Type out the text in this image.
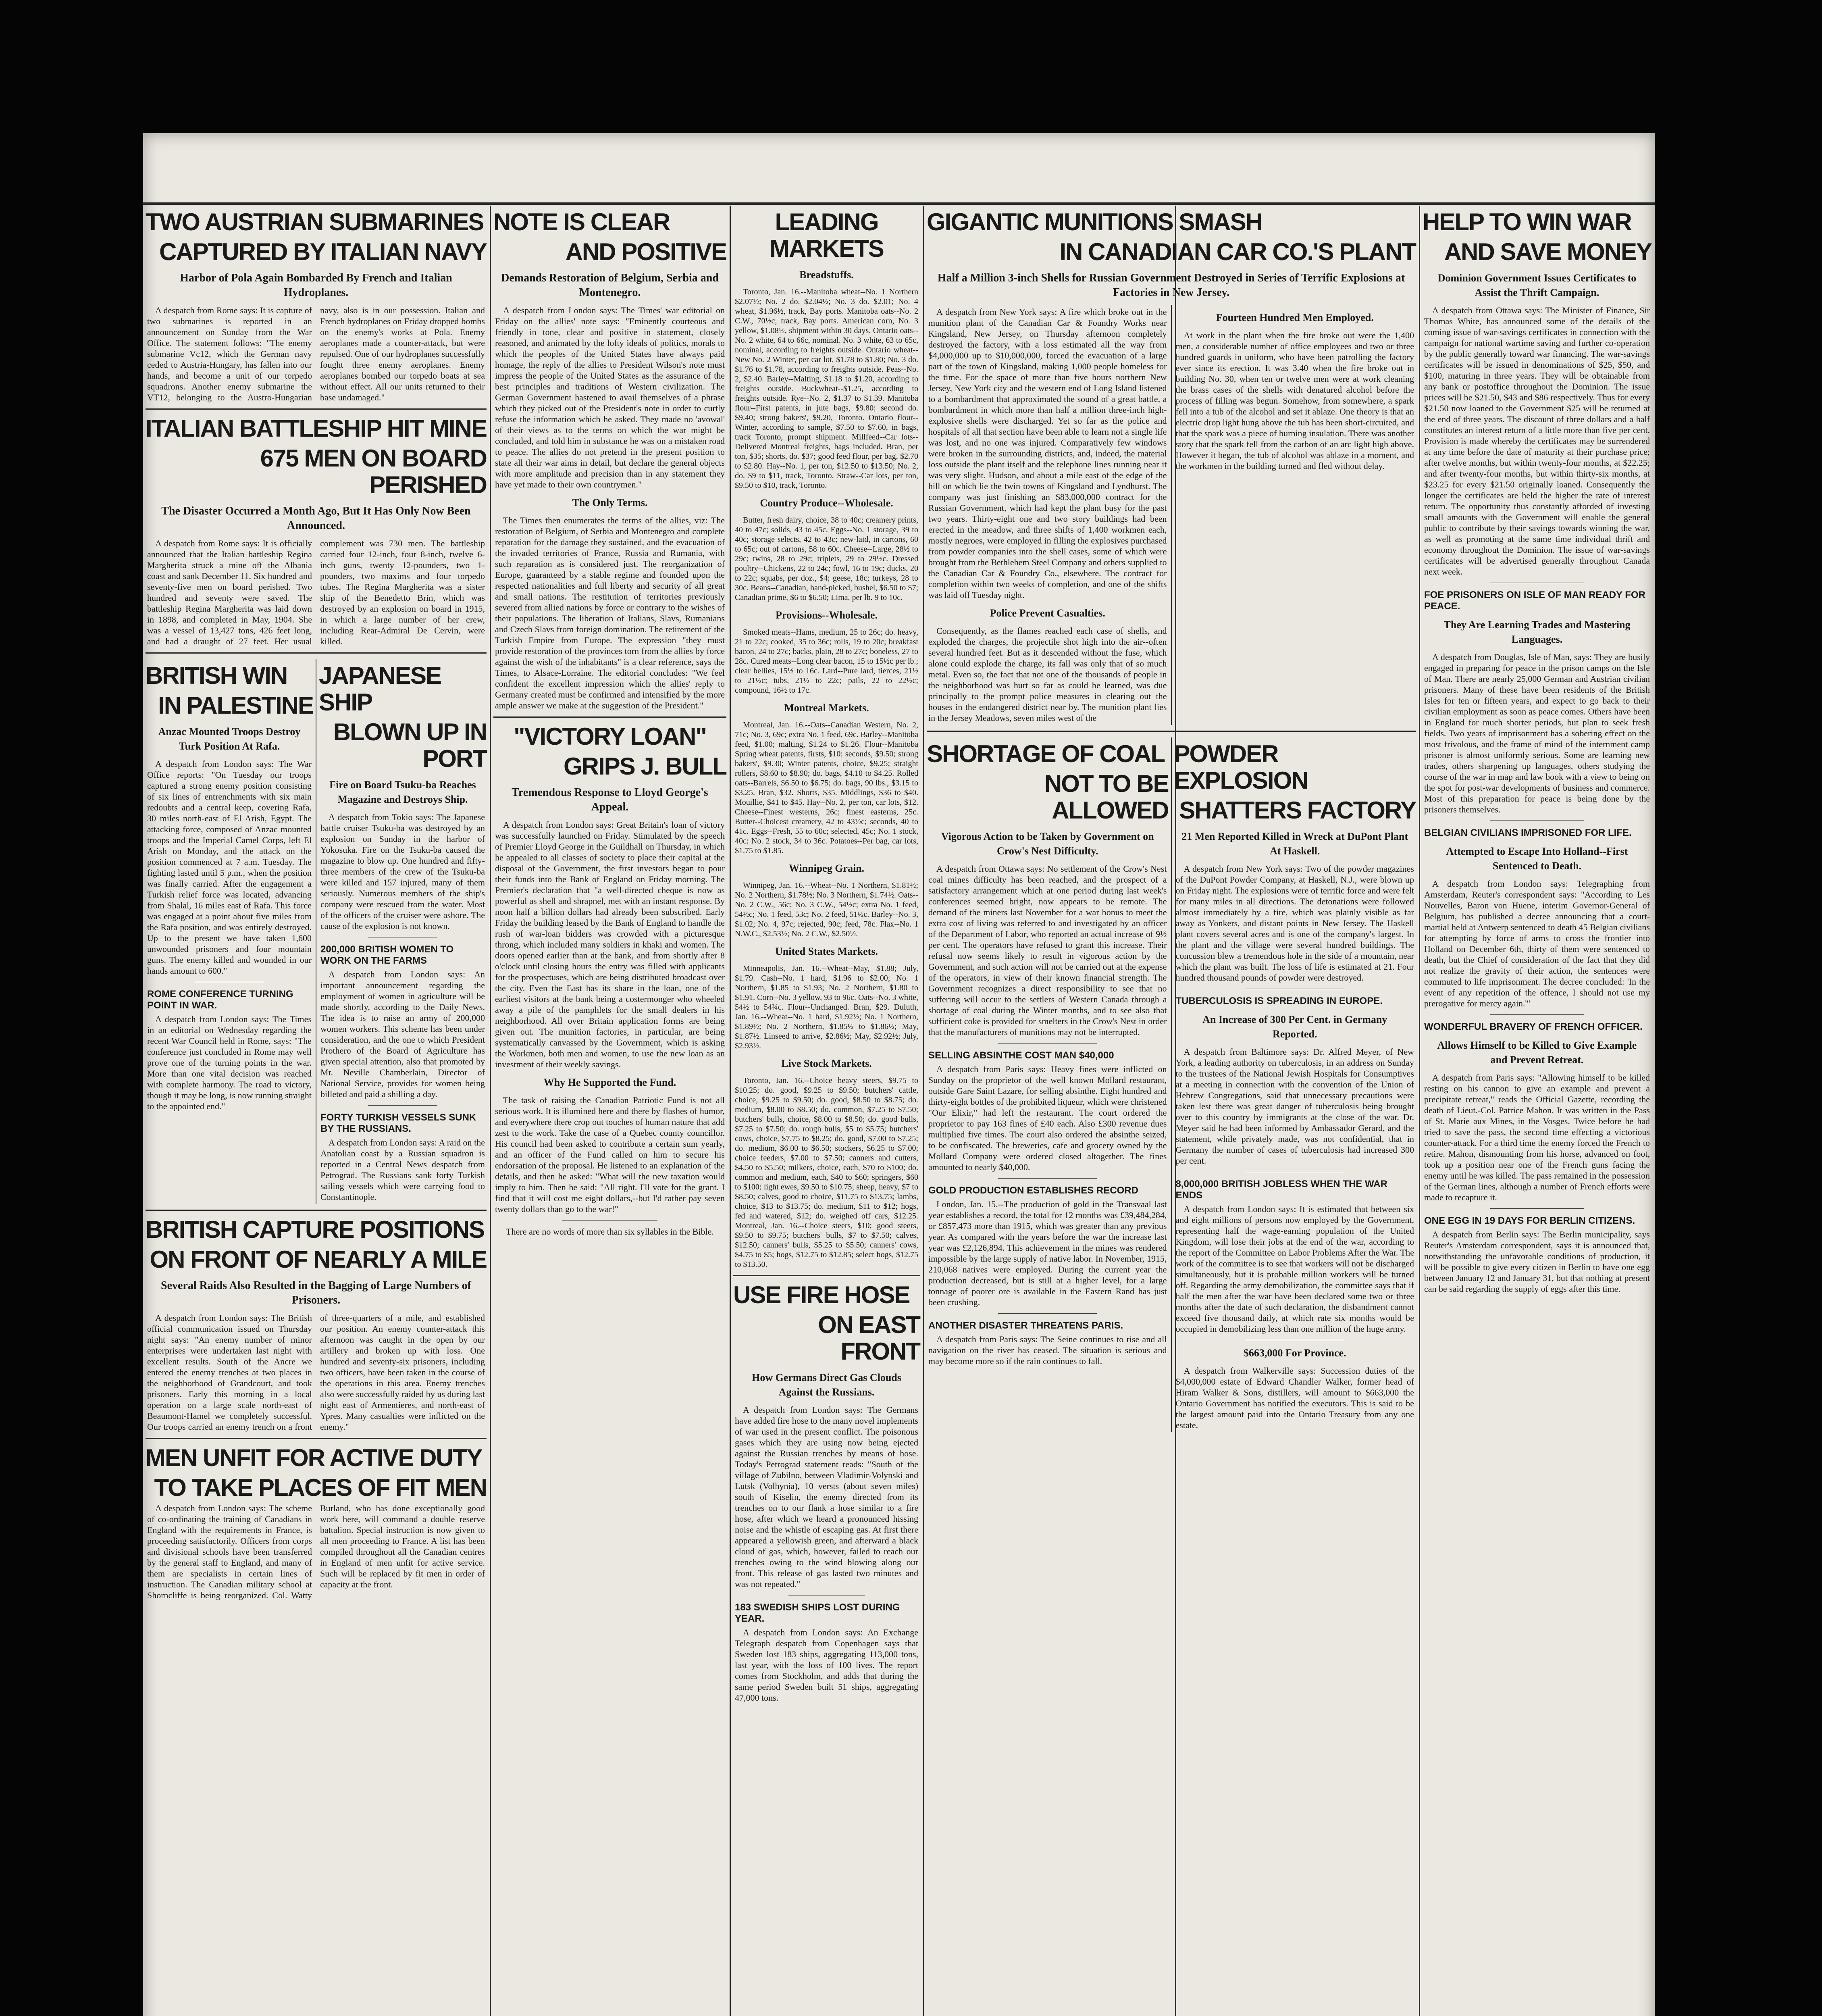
TWO AUSTRIAN SUBMARINES
CAPTURED BY ITALIAN NAVY
Harbor of Pola Again Bombarded By French and Italian Hydroplanes.
A despatch from Rome says: It is capture of two submarines is reported in an announcement on Sunday from the War Office. The statement follows: "The enemy submarine Vc12, which the German navy ceded to Austria-Hungary, has fallen into our hands, and become a unit of our torpedo squadrons. Another enemy submarine the VT12, belonging to the Austro-Hungarian navy, also is in our possession. Italian and French hydroplanes on Friday dropped bombs on the enemy's works at Pola. Enemy aeroplanes made a counter-attack, but were repulsed. One of our hydroplanes successfully fought three enemy aeroplanes. Enemy aeroplanes bombed our torpedo boats at sea without effect. All our units returned to their base undamaged."
ITALIAN BATTLESHIP HIT MINE
675 MEN ON BOARD PERISHED
The Disaster Occurred a Month Ago, But It Has Only Now Been Announced.
A despatch from Rome says: It is officially announced that the Italian battleship Regina Margherita struck a mine off the Albania coast and sank December 11. Six hundred and seventy-five men on board perished. Two hundred and seventy were saved. The battleship Regina Margherita was laid down in 1898, and completed in May, 1904. She was a vessel of 13,427 tons, 426 feet long, and had a draught of 27 feet. Her usual complement was 730 men. The battleship carried four 12-inch, four 8-inch, twelve 6-inch guns, twenty 12-pounders, two 1-pounders, two maxims and four torpedo tubes. The Regina Margherita was a sister ship of the Benedetto Brin, which was destroyed by an explosion on board in 1915, in which a large number of her crew, including Rear-Admiral De Cervin, were killed.
BRITISH WIN
IN PALESTINE
Anzac Mounted Troops Destroy Turk Position At Rafa.
A despatch from London says: The War Office reports: "On Tuesday our troops captured a strong enemy position consisting of six lines of entrenchments with six main redoubts and a central keep, covering Rafa, 30 miles north-east of El Arish, Egypt. The attacking force, composed of Anzac mounted troops and the Imperial Camel Corps, left El Arish on Monday, and the attack on the position commenced at 7 a.m. Tuesday. The fighting lasted until 5 p.m., when the position was finally carried. After the engagement a Turkish relief force was located, advancing from Shalal, 16 miles east of Rafa. This force was engaged at a point about five miles from the Rafa position, and was entirely destroyed. Up to the present we have taken 1,600 unwounded prisoners and four mountain guns. The enemy killed and wounded in our hands amount to 600."
ROME CONFERENCE TURNING POINT IN WAR.
A despatch from London says: The Times in an editorial on Wednesday regarding the recent War Council held in Rome, says: "The conference just concluded in Rome may well prove one of the turning points in the war. More than one vital decision was reached with complete harmony. The road to victory, though it may be long, is now running straight to the appointed end."
JAPANESE SHIP
BLOWN UP IN PORT
Fire on Board Tsuku-ba Reaches Magazine and Destroys Ship.
A despatch from Tokio says: The Japanese battle cruiser Tsuku-ba was destroyed by an explosion on Sunday in the harbor of Yokosuka. Fire on the Tsuku-ba caused the magazine to blow up. One hundred and fifty-three members of the crew of the Tsuku-ba were killed and 157 injured, many of them seriously. Numerous members of the ship's company were rescued from the water. Most of the officers of the cruiser were ashore. The cause of the explosion is not known.
200,000 BRITISH WOMEN TO WORK ON THE FARMS
A despatch from London says: An important announcement regarding the employment of women in agriculture will be made shortly, according to the Daily News. The idea is to raise an army of 200,000 women workers. This scheme has been under consideration, and the one to which President Prothero of the Board of Agriculture has given special attention, also that promoted by Mr. Neville Chamberlain, Director of National Service, provides for women being billeted and paid a shilling a day.
FORTY TURKISH VESSELS SUNK BY THE RUSSIANS.
A despatch from London says: A raid on the Anatolian coast by a Russian squadron is reported in a Central News despatch from Petrograd. The Russians sank forty Turkish sailing vessels which were carrying food to Constantinople.
BRITISH CAPTURE POSITIONS
ON FRONT OF NEARLY A MILE
Several Raids Also Resulted in the Bagging of Large Numbers of Prisoners.
A despatch from London says: The British official communication issued on Thursday night says: "An enemy number of minor enterprises were undertaken last night with excellent results. South of the Ancre we entered the enemy trenches at two places in the neighborhood of Grandcourt, and took prisoners. Early this morning in a local operation on a large scale north-east of Beaumont-Hamel we completely successful. Our troops carried an enemy trench on a front of three-quarters of a mile, and established our position. An enemy counter-attack this afternoon was caught in the open by our artillery and broken up with loss. One hundred and seventy-six prisoners, including two officers, have been taken in the course of the operations in this area. Enemy trenches also were successfully raided by us during last night east of Armentieres, and north-east of Ypres. Many casualties were inflicted on the enemy."
MEN UNFIT FOR ACTIVE DUTY
TO TAKE PLACES OF FIT MEN
A despatch from London says: The scheme of co-ordinating the training of Canadians in England with the requirements in France, is proceeding satisfactorily. Officers from corps and divisional schools have been transferred by the general staff to England, and many of them are specialists in certain lines of instruction. The Canadian military school at Shorncliffe is being reorganized. Col. Watty Burland, who has done exceptionally good work here, will command a double reserve battalion. Special instruction is now given to all men proceeding to France. A list has been compiled throughout all the Canadian centres in England of men unfit for active service. Such will be replaced by fit men in order of capacity at the front.
NOTE IS CLEAR
AND POSITIVE
Demands Restoration of Belgium, Serbia and Montenegro.
A despatch from London says: The Times' war editorial on Friday on the allies' note says: "Eminently courteous and friendly in tone, clear and positive in statement, closely reasoned, and animated by the lofty ideals of politics, morals to which the peoples of the United States have always paid homage, the reply of the allies to President Wilson's note must impress the people of the United States as the assurance of the best principles and traditions of Western civilization. The German Government hastened to avail themselves of a phrase which they picked out of the President's note in order to curtly refuse the information which he asked. They made no 'avowal' of their views as to the terms on which the war might be concluded, and told him in substance he was on a mistaken road to peace. The allies do not pretend in the present position to state all their war aims in detail, but declare the general objects with more amplitude and precision than in any statement they have yet made to their own countrymen."
The Only Terms.
The Times then enumerates the terms of the allies, viz: The restoration of Belgium, of Serbia and Montenegro and complete reparation for the damage they sustained, and the evacuation of the invaded territories of France, Russia and Rumania, with such reparation as is considered just. The reorganization of Europe, guaranteed by a stable regime and founded upon the respected nationalities and full liberty and security of all great and small nations. The restitution of territories previously severed from allied nations by force or contrary to the wishes of their populations. The liberation of Italians, Slavs, Rumanians and Czech Slavs from foreign domination. The retirement of the Turkish Empire from Europe. The expression "they must provide restoration of the provinces torn from the allies by force against the wish of the inhabitants" is a clear reference, says the Times, to Alsace-Lorraine. The editorial concludes: "We feel confident the excellent impression which the allies' reply to Germany created must be confirmed and intensified by the more ample answer we make at the suggestion of the President."
"VICTORY LOAN"
GRIPS J. BULL
Tremendous Response to Lloyd George's Appeal.
A despatch from London says: Great Britain's loan of victory was successfully launched on Friday. Stimulated by the speech of Premier Lloyd George in the Guildhall on Thursday, in which he appealed to all classes of society to place their capital at the disposal of the Government, the first investors began to pour their funds into the Bank of England on Friday morning. The Premier's declaration that "a well-directed cheque is now as powerful as shell and shrapnel, met with an instant response. By noon half a billion dollars had already been subscribed. Early Friday the building leased by the Bank of England to handle the rush of war-loan bidders was crowded with a picturesque throng, which included many soldiers in khaki and women. The doors opened earlier than at the bank, and from shortly after 8 o'clock until closing hours the entry was filled with applicants for the prospectuses, which are being distributed broadcast over the city. Even the East has its share in the loan, one of the earliest visitors at the bank being a costermonger who wheeled away a pile of the pamphlets for the small dealers in his neighborhood. All over Britain application forms are being given out. The munition factories, in particular, are being systematically canvassed by the Government, which is asking the Workmen, both men and women, to use the new loan as an investment of their weekly savings.
Why He Supported the Fund.
The task of raising the Canadian Patriotic Fund is not all serious work. It is illumined here and there by flashes of humor, and everywhere there crop out touches of human nature that add zest to the work. Take the case of a Quebec county councillor. His council had been asked to contribute a certain sum yearly, and an officer of the Fund called on him to secure his endorsation of the proposal. He listened to an explanation of the details, and then he asked: "What will the new taxation would imply to him. Then he said: "All right. I'll vote for the grant. I find that it will cost me eight dollars,--but I'd rather pay seven twenty dollars than go to the war!"
There are no words of more than six syllables in the Bible.
LEADING MARKETS
Breadstuffs.
Toronto, Jan. 16.--Manitoba wheat--No. 1 Northern $2.07½; No. 2 do. $2.04½; No. 3 do. $2.01; No. 4 wheat, $1.96½, track, Bay ports. Manitoba oats--No. 2 C.W., 70½c, track, Bay ports. American corn, No. 3 yellow, $1.08½, shipment within 30 days. Ontario oats--No. 2 white, 64 to 66c, nominal. No. 3 white, 63 to 65c, nominal, according to freights outside. Ontario wheat--New No. 2 Winter, per car lot, $1.78 to $1.80; No. 3 do. $1.76 to $1.78, according to freights outside. Peas--No. 2, $2.40. Barley--Malting, $1.18 to $1.20, according to freights outside. Buckwheat--$1.25, according to freights outside. Rye--No. 2, $1.37 to $1.39. Manitoba flour--First patents, in jute bags, $9.80; second do. $9.40; strong bakers', $9.20, Toronto. Ontario flour--Winter, according to sample, $7.50 to $7.60, in bags, track Toronto, prompt shipment. Millfeed--Car lots--Delivered Montreal freights, bags included. Bran, per ton, $35; shorts, do. $37; good feed flour, per bag, $2.70 to $2.80. Hay--No. 1, per ton, $12.50 to $13.50; No. 2, do. $9 to $11, track, Toronto. Straw--Car lots, per ton, $9.50 to $10, track, Toronto.
Country Produce--Wholesale.
Butter, fresh dairy, choice, 38 to 40c; creamery prints, 40 to 47c; solids, 43 to 45c. Eggs--No. 1 storage, 39 to 40c; storage selects, 42 to 43c; new-laid, in cartons, 60 to 65c; out of cartons, 58 to 60c. Cheese--Large, 28½ to 29c; twins, 28 to 29c; triplets, 29 to 29½c. Dressed poultry--Chickens, 22 to 24c; fowl, 16 to 19c; ducks, 20 to 22c; squabs, per doz., $4; geese, 18c; turkeys, 28 to 30c. Beans--Canadian, hand-picked, bushel, $6.50 to $7; Canadian prime, $6 to $6.50; Lima, per lb. 9 to 10c.
Provisions--Wholesale.
Smoked meats--Hams, medium, 25 to 26c; do. heavy, 21 to 22c; cooked, 35 to 36c; rolls, 19 to 20c; breakfast bacon, 24 to 27c; backs, plain, 28 to 27c; boneless, 27 to 28c. Cured meats--Long clear bacon, 15 to 15½c per lb.; clear bellies, 15½ to 16c. Lard--Pure lard, tierces, 21½ to 21½c; tubs, 21½ to 22c; pails, 22 to 22½c; compound, 16½ to 17c.
Montreal Markets.
Montreal, Jan. 16.--Oats--Canadian Western, No. 2, 71c; No. 3, 69c; extra No. 1 feed, 69c. Barley--Manitoba feed, $1.00; malting, $1.24 to $1.26. Flour--Manitoba Spring wheat patents, firsts, $10; seconds, $9.50; strong bakers', $9.30; Winter patents, choice, $9.25; straight rollers, $8.60 to $8.90; do. bags, $4.10 to $4.25. Rolled oats--Barrels, $6.50 to $6.75; do. bags, 90 lbs., $3.15 to $3.25. Bran, $32. Shorts, $35. Middlings, $36 to $40. Mouillie, $41 to $45. Hay--No. 2, per ton, car lots, $12. Cheese--Finest westerns, 26c; finest easterns, 25c. Butter--Choicest creamery, 42 to 43½c; seconds, 40 to 41c. Eggs--Fresh, 55 to 60c; selected, 45c; No. 1 stock, 40c; No. 2 stock, 34 to 36c. Potatoes--Per bag, car lots, $1.75 to $1.85.
Winnipeg Grain.
Winnipeg, Jan. 16.--Wheat--No. 1 Northern, $1.81½; No. 2 Northern, $1.78½; No. 3 Northern, $1.74½. Oats--No. 2 C.W., 56c; No. 3 C.W., 54½c; extra No. 1 feed, 54½c; No. 1 feed, 53c; No. 2 feed, 51½c. Barley--No. 3, $1.02; No. 4, 97c; rejected, 90c; feed, 78c. Flax--No. 1 N.W.C., $2.53½; No. 2 C.W., $2.50½.
United States Markets.
Minneapolis, Jan. 16.--Wheat--May, $1.88; July, $1.79. Cash--No. 1 hard, $1.96 to $2.00; No. 1 Northern, $1.85 to $1.93; No. 2 Northern, $1.80 to $1.91. Corn--No. 3 yellow, 93 to 96c. Oats--No. 3 white, 54½ to 54¾c. Flour--Unchanged. Bran, $29. Duluth, Jan. 16.--Wheat--No. 1 hard, $1.92½; No. 1 Northern, $1.89½; No. 2 Northern, $1.85½ to $1.86½; May, $1.87½. Linseed to arrive, $2.86½; May, $2.92½; July, $2.93½.
Live Stock Markets.
Toronto, Jan. 16.--Choice heavy steers, $9.75 to $10.25; do. good, $9.25 to $9.50; butchers' cattle, choice, $9.25 to $9.50; do. good, $8.50 to $8.75; do. medium, $8.00 to $8.50; do. common, $7.25 to $7.50; butchers' bulls, choice, $8.00 to $8.50; do. good bulls, $7.25 to $7.50; do. rough bulls, $5 to $5.75; butchers' cows, choice, $7.75 to $8.25; do. good, $7.00 to $7.25; do. medium, $6.00 to $6.50; stockers, $6.25 to $7.00; choice feeders, $7.00 to $7.50; canners and cutters, $4.50 to $5.50; milkers, choice, each, $70 to $100; do. common and medium, each, $40 to $60; springers, $60 to $100; light ewes, $9.50 to $10.75; sheep, heavy, $7 to $8.50; calves, good to choice, $11.75 to $13.75; lambs, choice, $13 to $13.75; do. medium, $11 to $12; hogs, fed and watered, $12; do. weighed off cars, $12.25. Montreal, Jan. 16.--Choice steers, $10; good steers, $9.50 to $9.75; butchers' bulls, $7 to $7.50; calves, $12.50; canners' bulls, $5.25 to $5.50; canners' cows, $4.75 to $5; hogs, $12.75 to $12.85; select hogs, $12.75 to $13.50.
USE FIRE HOSE
ON EAST FRONT
How Germans Direct Gas Clouds Against the Russians.
A despatch from London says: The Germans have added fire hose to the many novel implements of war used in the present conflict. The poisonous gases which they are using now being ejected against the Russian trenches by means of hose. Today's Petrograd statement reads: "South of the village of Zubilno, between Vladimir-Volynski and Lutsk (Volhynia), 10 versts (about seven miles) south of Kiselin, the enemy directed from its trenches on to our flank a hose similar to a fire hose, after which we heard a pronounced hissing noise and the whistle of escaping gas. At first there appeared a yellowish green, and afterward a black cloud of gas, which, however, failed to reach our trenches owing to the wind blowing along our front. This release of gas lasted two minutes and was not repeated."
183 SWEDISH SHIPS LOST DURING YEAR.
A despatch from London says: An Exchange Telegraph despatch from Copenhagen says that Sweden lost 183 ships, aggregating 113,000 tons, last year, with the loss of 100 lives. The report comes from Stockholm, and adds that during the same period Sweden built 51 ships, aggregating 47,000 tons.
GIGANTIC MUNITIONS SMASH
IN CANADIAN CAR CO.'S PLANT
Half a Million 3-inch Shells for Russian Government Destroyed in Series of Terrific Explosions at Factories in New Jersey.
A despatch from New York says: A fire which broke out in the munition plant of the Canadian Car & Foundry Works near Kingsland, New Jersey, on Thursday afternoon completely destroyed the factory, with a loss estimated all the way from $4,000,000 up to $10,000,000, forced the evacuation of a large part of the town of Kingsland, making 1,000 people homeless for the time. For the space of more than five hours northern New Jersey, New York city and the western end of Long Island listened to a bombardment that approximated the sound of a great battle, a bombardment in which more than half a million three-inch high-explosive shells were discharged. Yet so far as the police and hospitals of all that section have been able to learn not a single life was lost, and no one was injured. Comparatively few windows were broken in the surrounding districts, and, indeed, the material loss outside the plant itself and the telephone lines running near it was very slight. Hudson, and about a mile east of the edge of the hill on which lie the twin towns of Kingsland and Lyndhurst. The company was just finishing an $83,000,000 contract for the Russian Government, which had kept the plant busy for the past two years. Thirty-eight one and two story buildings had been erected in the meadow, and three shifts of 1,400 workmen each, mostly negroes, were employed in filling the explosives purchased from powder companies into the shell cases, some of which were brought from the Bethlehem Steel Company and others supplied to the Canadian Car & Foundry Co., elsewhere. The contract for completion within two weeks of completion, and one of the shifts was laid off Tuesday night.
Police Prevent Casualties.
Consequently, as the flames reached each case of shells, and exploded the charges, the projectile shot high into the air--often several hundred feet. But as it descended without the fuse, which alone could explode the charge, its fall was only that of so much metal. Even so, the fact that not one of the thousands of people in the neighborhood was hurt so far as could be learned, was due principally to the prompt police measures in clearing out the houses in the endangered district near by. The munition plant lies in the Jersey Meadows, seven miles west of the
Fourteen Hundred Men Employed.
At work in the plant when the fire broke out were the 1,400 men, a considerable number of office employees and two or three hundred guards in uniform, who have been patrolling the factory ever since its erection. It was 3.40 when the fire broke out in building No. 30, when ten or twelve men were at work cleaning the brass cases of the shells with denatured alcohol before the process of filling was begun. Somehow, from somewhere, a spark fell into a tub of the alcohol and set it ablaze. One theory is that an electric drop light hung above the tub has been short-circuited, and that the spark was a piece of burning insulation. There was another story that the spark fell from the carbon of an arc light high above. However it began, the tub of alcohol was ablaze in a moment, and the workmen in the building turned and fled without delay.
SHORTAGE OF COAL
NOT TO BE ALLOWED
Vigorous Action to be Taken by Government on Crow's Nest Difficulty.
A despatch from Ottawa says: No settlement of the Crow's Nest coal mines difficulty has been reached, and the prospect of a satisfactory arrangement which at one period during last week's conferences seemed bright, now appears to be remote. The demand of the miners last November for a war bonus to meet the extra cost of living was referred to and investigated by an officer of the Department of Labor, who reported an actual increase of 9½ per cent. The operators have refused to grant this increase. Their refusal now seems likely to result in vigorous action by the Government, and such action will not be carried out at the expense of the operators, in view of their known financial strength. The Government recognizes a direct responsibility to see that no suffering will occur to the settlers of Western Canada through a shortage of coal during the Winter months, and to see also that sufficient coke is provided for smelters in the Crow's Nest in order that the manufacturers of munitions may not be interrupted.
SELLING ABSINTHE COST MAN $40,000
A despatch from Paris says: Heavy fines were inflicted on Sunday on the proprietor of the well known Mollard restaurant, outside Gare Saint Lazare, for selling absinthe. Eight hundred and thirty-eight bottles of the prohibited liqueur, which were christened "Our Elixir," had left the restaurant. The court ordered the proprietor to pay 163 fines of £40 each. Also £300 revenue dues multiplied five times. The court also ordered the absinthe seized, to be confiscated. The breweries, cafe and grocery owned by the Mollard Company were ordered closed altogether. The fines amounted to nearly $40,000.
GOLD PRODUCTION ESTABLISHES RECORD
London, Jan. 15.--The production of gold in the Transvaal last year establishes a record, the total for 12 months was £39,484,284, or £857,473 more than 1915, which was greater than any previous year. As compared with the years before the war the increase last year was £2,126,894. This achievement in the mines was rendered impossible by the large supply of native labor. In November, 1915, 210,068 natives were employed. During the current year the production decreased, but is still at a higher level, for a large tonnage of poorer ore is available in the Eastern Rand has just been crushing.
ANOTHER DISASTER THREATENS PARIS.
A despatch from Paris says: The Seine continues to rise and all navigation on the river has ceased. The situation is serious and may become more so if the rain continues to fall.
POWDER EXPLOSION
SHATTERS FACTORY
21 Men Reported Killed in Wreck at DuPont Plant At Haskell.
A despatch from New York says: Two of the powder magazines of the DuPont Powder Company, at Haskell, N.J., were blown up on Friday night. The explosions were of terrific force and were felt for many miles in all directions. The detonations were followed almost immediately by a fire, which was plainly visible as far away as Yonkers, and distant points in New Jersey. The Haskell plant covers several acres and is one of the company's largest. In the plant and the village were several hundred buildings. The concussion blew a tremendous hole in the side of a mountain, near which the plant was built. The loss of life is estimated at 21. Four hundred thousand pounds of powder were destroyed.
TUBERCULOSIS IS SPREADING IN EUROPE.
An Increase of 300 Per Cent. in Germany Reported.
A despatch from Baltimore says: Dr. Alfred Meyer, of New York, a leading authority on tuberculosis, in an address on Sunday to the trustees of the National Jewish Hospitals for Consumptives at a meeting in connection with the convention of the Union of Hebrew Congregations, said that unnecessary precautions were taken lest there was great danger of tuberculosis being brought over to this country by immigrants at the close of the war. Dr. Meyer said he had been informed by Ambassador Gerard, and the statement, while privately made, was not confidential, that in Germany the number of cases of tuberculosis had increased 300 per cent.
8,000,000 BRITISH JOBLESS WHEN THE WAR ENDS
A despatch from London says: It is estimated that between six and eight millions of persons now employed by the Government, representing half the wage-earning population of the United Kingdom, will lose their jobs at the end of the war, according to the report of the Committee on Labor Problems After the War. The work of the committee is to see that workers will not be discharged simultaneously, but it is probable million workers will be turned off. Regarding the army demobilization, the committee says that if half the men after the war have been declared some two or three months after the date of such declaration, the disbandment cannot exceed five thousand daily, at which rate six months would be occupied in demobilizing less than one million of the huge army.
$663,000 For Province.
A despatch from Walkerville says: Succession duties of the $4,000,000 estate of Edward Chandler Walker, former head of Hiram Walker & Sons, distillers, will amount to $663,000 the Ontario Government has notified the executors. This is said to be the largest amount paid into the Ontario Treasury from any one estate.
HELP TO WIN WAR
AND SAVE MONEY
Dominion Government Issues Certificates to Assist the Thrift Campaign.
A despatch from Ottawa says: The Minister of Finance, Sir Thomas White, has announced some of the details of the coming issue of war-savings certificates in connection with the campaign for national wartime saving and further co-operation by the public generally toward war financing. The war-savings certificates will be issued in denominations of $25, $50, and $100, maturing in three years. They will be obtainable from any bank or postoffice throughout the Dominion. The issue prices will be $21.50, $43 and $86 respectively. Thus for every $21.50 now loaned to the Government $25 will be returned at the end of three years. The discount of three dollars and a half constitutes an interest return of a little more than five per cent. Provision is made whereby the certificates may be surrendered at any time before the date of maturity at their purchase price; after twelve months, but within twenty-four months, at $22.25; and after twenty-four months, but within thirty-six months, at $23.25 for every $21.50 originally loaned. Consequently the longer the certificates are held the higher the rate of interest return. The opportunity thus constantly afforded of investing small amounts with the Government will enable the general public to contribute by their savings towards winning the war, as well as promoting at the same time individual thrift and economy throughout the Dominion. The issue of war-savings certificates will be advertised generally throughout Canada next week.
FOE PRISONERS ON ISLE OF MAN READY FOR PEACE.
They Are Learning Trades and Mastering Languages.
A despatch from Douglas, Isle of Man, says: They are busily engaged in preparing for peace in the prison camps on the Isle of Man. There are nearly 25,000 German and Austrian civilian prisoners. Many of these have been residents of the British Isles for ten or fifteen years, and expect to go back to their civilian employment as soon as peace comes. Others have been in England for much shorter periods, but plan to seek fresh fields. Two years of imprisonment has a sobering effect on the most frivolous, and the frame of mind of the internment camp prisoner is almost uniformly serious. Some are learning new trades, others sharpening up languages, others studying the course of the war in map and law book with a view to being on the spot for post-war developments of business and commerce. Most of this preparation for peace is being done by the prisoners themselves.
BELGIAN CIVILIANS IMPRISONED FOR LIFE.
Attempted to Escape Into Holland--First Sentenced to Death.
A despatch from London says: Telegraphing from Amsterdam, Reuter's correspondent says: "According to Les Nouvelles, Baron von Huene, interim Governor-General of Belgium, has published a decree announcing that a court-martial held at Antwerp sentenced to death 45 Belgian civilians for attempting by force of arms to cross the frontier into Holland on December 6th, thirty of them were sentenced to death, but the Chief of consideration of the fact that they did not realize the gravity of their action, the sentences were commuted to life imprisonment. The decree concluded: 'In the event of any repetition of the offence, I should not use my prerogative for mercy again.'"
WONDERFUL BRAVERY OF FRENCH OFFICER.
Allows Himself to be Killed to Give Example and Prevent Retreat.
A despatch from Paris says: "Allowing himself to be killed resting on his cannon to give an example and prevent a precipitate retreat," reads the Official Gazette, recording the death of Lieut.-Col. Patrice Mahon. It was written in the Pass of St. Marie aux Mines, in the Vosges. Twice before he had tried to save the pass, the second time effecting a victorious counter-attack. For a third time the enemy forced the French to retire. Mahon, dismounting from his horse, advanced on foot, took up a position near one of the French guns facing the enemy until he was killed. The pass remained in the possession of the German lines, although a number of French efforts were made to recapture it.
ONE EGG IN 19 DAYS FOR BERLIN CITIZENS.
A despatch from Berlin says: The Berlin municipality, says Reuter's Amsterdam correspondent, says it is announced that, notwithstanding the unfavorable conditions of production, it will be possible to give every citizen in Berlin to have one egg between January 12 and January 31, but that nothing at present can be said regarding the supply of eggs after this time.
